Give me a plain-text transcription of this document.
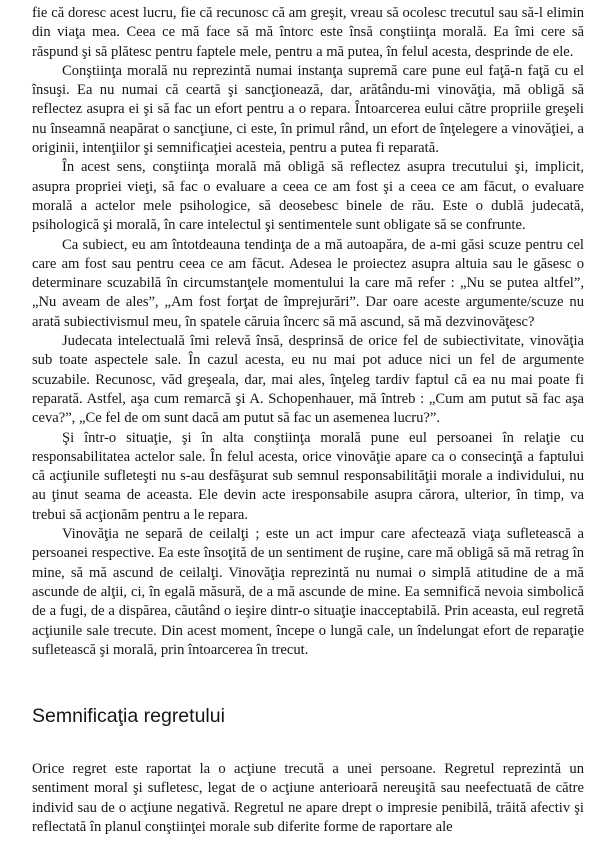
fie că doresc acest lucru, fie că recunosc că am greşit, vreau să ocolesc trecutul sau să-l elimin din viaţa mea. Ceea ce mă face să mă întorc este însă conştiinţa morală. Ea îmi cere să răspund şi să plătesc pentru faptele mele, pentru a mă putea, în felul acesta, desprinde de ele.

Conştiinţa morală nu reprezintă numai instanţa supremă care pune eul faţă-n faţă cu el însuşi. Ea nu numai că ceartă şi sancţionează, dar, arătându-mi vinovăţia, mă obligă să reflectez asupra ei şi să fac un efort pentru a o repara. Întoarcerea eului către propriile greşeli nu înseamnă neapărat o sancţiune, ci este, în primul rând, un efort de înţelegere a vinovăţiei, a originii, intenţiilor şi semnificaţiei acesteia, pentru a putea fi reparată.

În acest sens, conştiinţa morală mă obligă să reflectez asupra trecutului şi, implicit, asupra propriei vieţi, să fac o evaluare a ceea ce am fost şi a ceea ce am făcut, o evaluare morală a actelor mele psihologice, să deosebesc binele de rău. Este o dublă judecată, psihologică şi morală, în care intelectul şi sentimentele sunt obligate să se confrunte.

Ca subiect, eu am întotdeauna tendinţa de a mă autoapăra, de a-mi găsi scuze pentru cel care am fost sau pentru ceea ce am făcut. Adesea le proiectez asupra altuia sau le găsesc o determinare scuzabilă în circumstanţele momentului la care mă refer : „Nu se putea altfel”, „Nu aveam de ales”, „Am fost forţat de împrejurări”. Dar oare aceste argumente/scuze nu arată subiectivismul meu, în spatele căruia încerc să mă ascund, să mă dezvinovăţesc?

Judecata intelectuală îmi relevă însă, desprinsă de orice fel de subiectivitate, vinovăţia sub toate aspectele sale. În cazul acesta, eu nu mai pot aduce nici un fel de argumente scuzabile. Recunosc, văd greşeala, dar, mai ales, înţeleg tardiv faptul că ea nu mai poate fi reparată. Astfel, aşa cum remarcă şi A. Schopenhauer, mă întreb : „Cum am putut să fac aşa ceva?”, „Ce fel de om sunt dacă am putut să fac un asemenea lucru?”.

Şi într-o situaţie, şi în alta conştiinţa morală pune eul persoanei în relaţie cu responsabilitatea actelor sale. În felul acesta, orice vinovăţie apare ca o consecinţă a faptului că acţiunile sufleteşti nu s-au desfăşurat sub semnul responsabilităţii morale a individului, nu au ţinut seama de aceasta. Ele devin acte iresponsabile asupra cărora, ulterior, în timp, va trebui să acţionăm pentru a le repara.

Vinovăţia ne separă de ceilalţi ; este un act impur care afectează viaţa sufletească a persoanei respective. Ea este însoţită de un sentiment de ruşine, care mă obligă să mă retrag în mine, să mă ascund de ceilalţi. Vinovăţia reprezintă nu numai o simplă atitudine de a mă ascunde de alţii, ci, în egală măsură, de a mă ascunde de mine. Ea semnifică nevoia simbolică de a fugi, de a dispărea, căutând o ieşire dintr-o situaţie inacceptabilă. Prin aceasta, eul regretă acţiunile sale trecute. Din acest moment, începe o lungă cale, un îndelungat efort de reparaţie sufletească şi morală, prin întoarcerea în trecut.

Semnificaţia regretului

Orice regret este raportat la o acţiune trecută a unei persoane. Regretul reprezintă un sentiment moral şi sufletesc, legat de o acţiune anterioară nereuşită sau neefectuată de către individ sau de o acţiune negativă. Regretul ne apare drept o impresie penibilă, trăită afectiv şi reflectată în planul conştiinţei morale sub diferite forme de raportare ale
